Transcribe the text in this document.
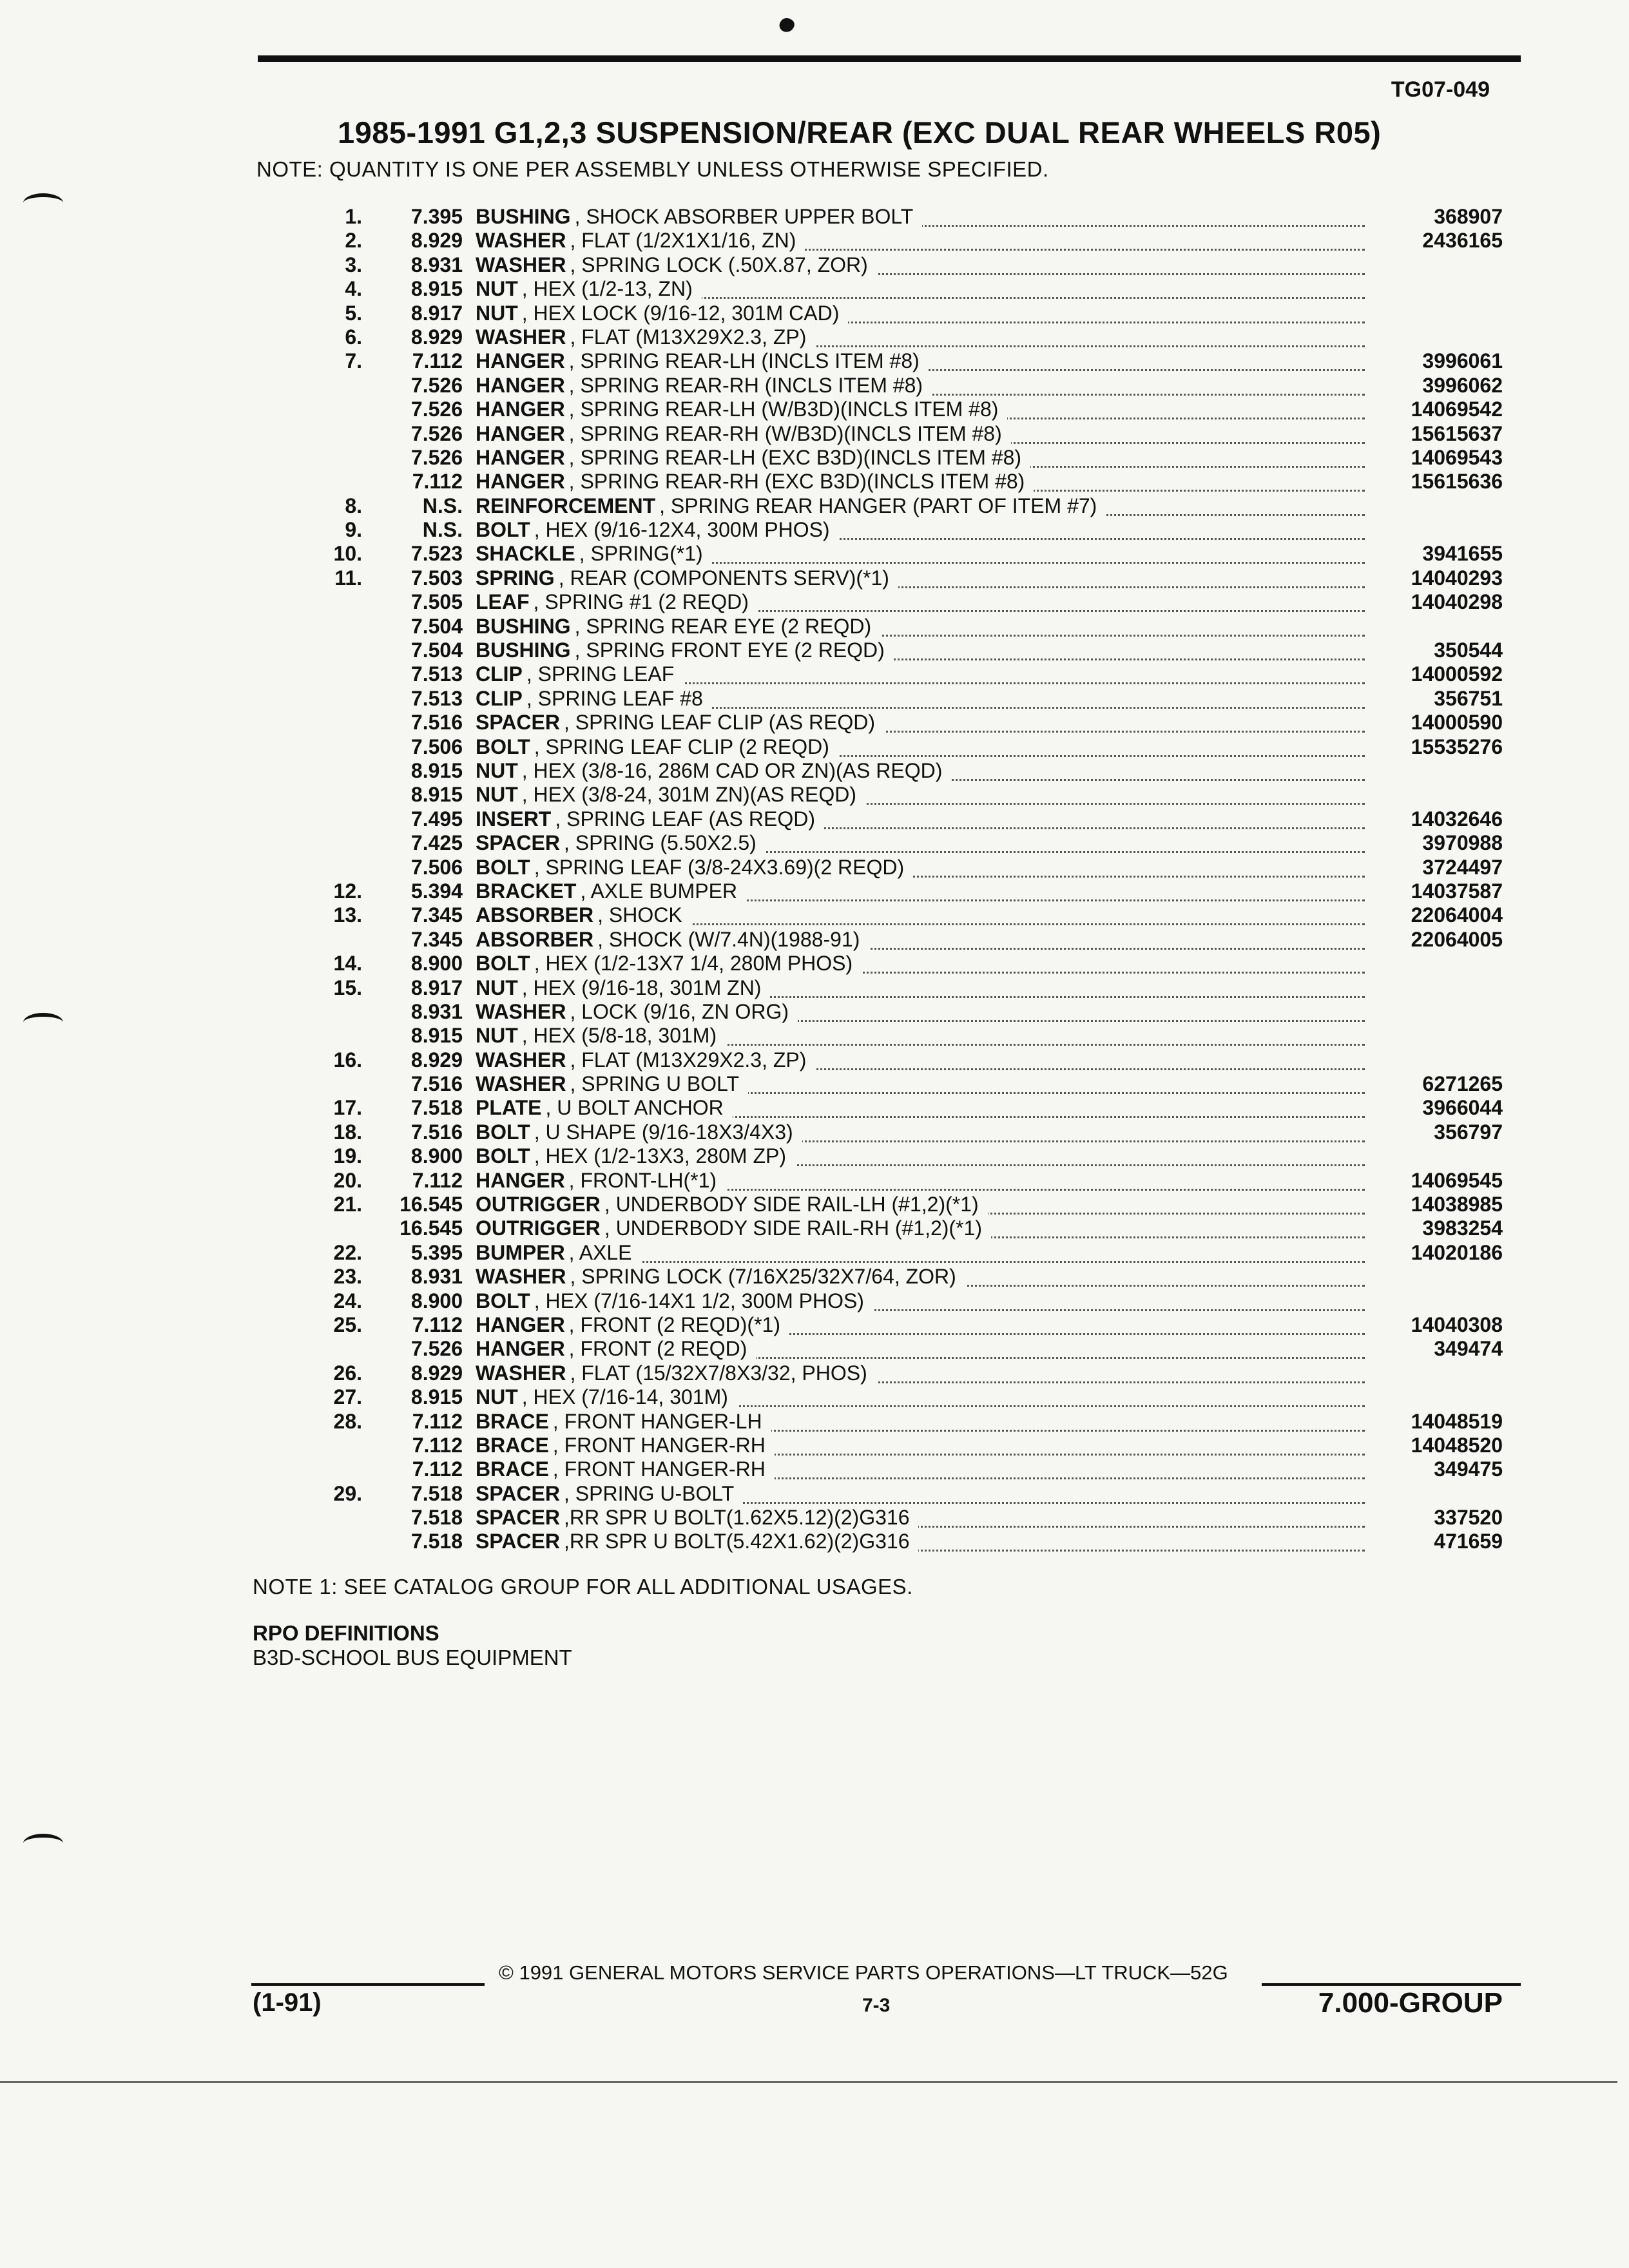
TG07-049
1985-1991 G1,2,3 SUSPENSION/REAR (EXC DUAL REAR WHEELS R05)
NOTE: QUANTITY IS ONE PER ASSEMBLY UNLESS OTHERWISE SPECIFIED.
1. 7.395 BUSHING , SHOCK ABSORBER UPPER BOLT	368907
2. 8.929 WASHER , FLAT (1/2X1X1/16, ZN)	2436165
3. 8.931 WASHER , SPRING LOCK (.50X.87, ZOR)
4. 8.915 NUT , HEX (1/2-13, ZN)
5. 8.917 NUT , HEX LOCK (9/16-12, 301M CAD)
6. 8.929 WASHER , FLAT (M13X29X2.3, ZP)
7. 7.112 HANGER , SPRING REAR-LH (INCLS ITEM #8)	3996061
7.526 HANGER , SPRING REAR-RH (INCLS ITEM #8)	3996062
7.526 HANGER , SPRING REAR-LH (W/B3D)(INCLS ITEM #8)	14069542
7.526 HANGER , SPRING REAR-RH (W/B3D)(INCLS ITEM #8)	15615637
7.526 HANGER , SPRING REAR-LH (EXC B3D)(INCLS ITEM #8)	14069543
7.112 HANGER , SPRING REAR-RH (EXC B3D)(INCLS ITEM #8)	15615636
8.	N.S. REINFORCEMENT , SPRING REAR HANGER (PART OF ITEM #7)
9.	N.S. BOLT , HEX (9/16-12X4, 300M PHOS)
10. 7.523 SHACKLE , SPRING(*1)	3941655
11. 7.503 SPRING , REAR (COMPONENTS SERV)(*1)	14040293
7.505 LEAF , SPRING #1 (2 REQD)	14040298
7.504 BUSHING , SPRING REAR EYE (2 REQD)
7.504 BUSHING , SPRING FRONT EYE (2 REQD)	350544
7.513 CLIP , SPRING LEAF	14000592
7.513 CLIP , SPRING LEAF #8	356751
7.516 SPACER , SPRING LEAF CLIP (AS REQD)	14000590
7.506 BOLT , SPRING LEAF CLIP (2 REQD)	15535276
8.915 NUT , HEX (3/8-16, 286M CAD OR ZN)(AS REQD)
8.915 NUT , HEX (3/8-24, 301M ZN)(AS REQD)
7.495 INSERT , SPRING LEAF (AS REQD)	14032646
7.425 SPACER , SPRING (5.50X2.5)	3970988
7.506 BOLT , SPRING LEAF (3/8-24X3.69)(2 REQD)	3724497
12. 5.394 BRACKET , AXLE BUMPER	14037587
13. 7.345 ABSORBER , SHOCK	22064004
7.345 ABSORBER , SHOCK (W/7.4N)(1988-91)	22064005
14. 8.900 BOLT , HEX (1/2-13X7 1/4, 280M PHOS)
15. 8.917 NUT , HEX (9/16-18, 301M ZN)
8.931 WASHER , LOCK (9/16, ZN ORG)
8.915 NUT , HEX (5/8-18, 301M)
16. 8.929 WASHER , FLAT (M13X29X2.3, ZP)
7.516 WASHER , SPRING U BOLT	6271265
17. 7.518 PLATE , U BOLT ANCHOR	3966044
18. 7.516 BOLT , U SHAPE (9/16-18X3/4X3)	356797
19. 8.900 BOLT , HEX (1/2-13X3, 280M ZP)
20. 7.112 HANGER , FRONT-LH(*1)	14069545
21. 16.545 OUTRIGGER , UNDERBODY SIDE RAIL-LH (#1,2)(*1)	14038985
16.545 OUTRIGGER , UNDERBODY SIDE RAIL-RH (#1,2)(*1)	3983254
22. 5.395 BUMPER , AXLE	14020186
23. 8.931 WASHER , SPRING LOCK (7/16X25/32X7/64, ZOR)
24. 8.900 BOLT , HEX (7/16-14X1 1/2, 300M PHOS)
25. 7.112 HANGER , FRONT (2 REQD)(*1)	14040308
7.526 HANGER , FRONT (2 REQD)	349474
26. 8.929 WASHER , FLAT (15/32X7/8X3/32, PHOS)
27. 8.915 NUT , HEX (7/16-14, 301M)
28. 7.112 BRACE , FRONT HANGER-LH	14048519
7.112 BRACE , FRONT HANGER-RH	14048520
7.112 BRACE , FRONT HANGER-RH	349475
29. 7.518 SPACER , SPRING U-BOLT
7.518 SPACER ,RR SPR U BOLT(1.62X5.12)(2)G316	337520
7.518 SPACER ,RR SPR U BOLT(5.42X1.62)(2)G316	471659
NOTE 1: SEE CATALOG GROUP FOR ALL ADDITIONAL USAGES.
RPO DEFINITIONS
B3D-SCHOOL BUS EQUIPMENT
© 1991 GENERAL MOTORS SERVICE PARTS OPERATIONS—LT TRUCK—52G
(1-91)	7-3	7.000-GROUP
